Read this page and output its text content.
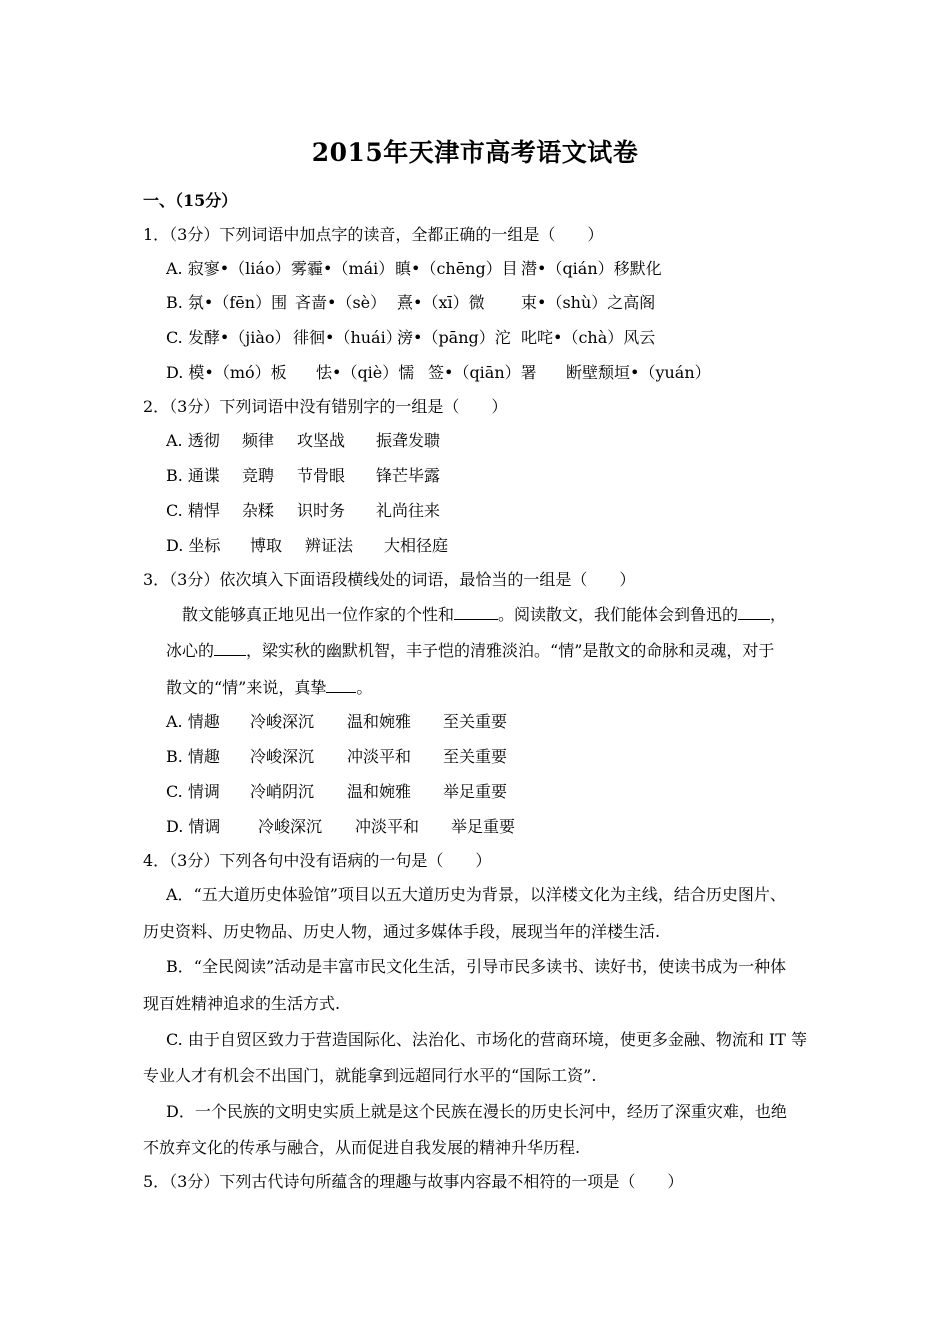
2015年天津市高考语文试卷
一、（15分）
1．（3分）下列词语中加点字的读音，全都正确的一组是（　　）
A. 寂寥•（liáo） 雾霾•（mái） 瞋•（chēng）目 潜•（qián）移默化
B. 氛•（fēn）围 吝啬•（sè） 熹•（xī）微 束•（shù）之高阁
C. 发酵•（jiào） 徘徊•（huái）
滂•（pāng）沱 叱咤•（chà）风云
D. 模•（mó）板 怯•（qiè）懦 签•（qiān）署 断壁颓垣•（yuán）
2．（3分）下列词语中没有错别字的一组是（　　）
A. 透彻 频律 攻坚战 振聋发聩
B. 通谍 竞聘 节骨眼 锋芒毕露
C. 精悍 杂糅 识时务 礼尚往来
D. 坐标 博取 辨证法 大相径庭
3．（3分）依次填入下面语段横线处的词语，最恰当的一组是（　　）
散文能够真正地见出一位作家的个性和	。阅读散文，我们能体会到鲁迅的 ，
冰心的 ，梁实秋的幽默机智，丰子恺的清雅淡泊。“情”是散文的命脉和灵魂，对于
散文的“情”来说，真挚 。
A. 情趣 冷峻深沉 温和婉雅 至关重要
B. 情趣 冷峻深沉 冲淡平和 至关重要
C. 情调 冷峭阴沉 温和婉雅 举足重要
D. 情调 冷峻深沉 冲淡平和 举足重要
4．（3分）下列各句中没有语病的一句是（　　）
A．“五大道历史体验馆”项目以五大道历史为背景，以洋楼文化为主线，结合历史图片、
历史资料、历史物品、历史人物，通过多媒体手段，展现当年的洋楼生活.
B．“全民阅读”活动是丰富市民文化生活，引导市民多读书、读好书，使读书成为一种体
现百姓精神追求的生活方式.
C. 由于自贸区致力于营造国际化、法治化、市场化的营商环境，使更多金融、物流和 IT 等
专业人才有机会不出国门，就能拿到远超同行水平的“国际工资”.
D．一个民族的文明史实质上就是这个民族在漫长的历史长河中，经历了深重灾难，也绝
不放弃文化的传承与融合，从而促进自我发展的精神升华历程.
5．（3分）下列古代诗句所蕴含的理趣与故事内容最不相符的一项是（　　）
